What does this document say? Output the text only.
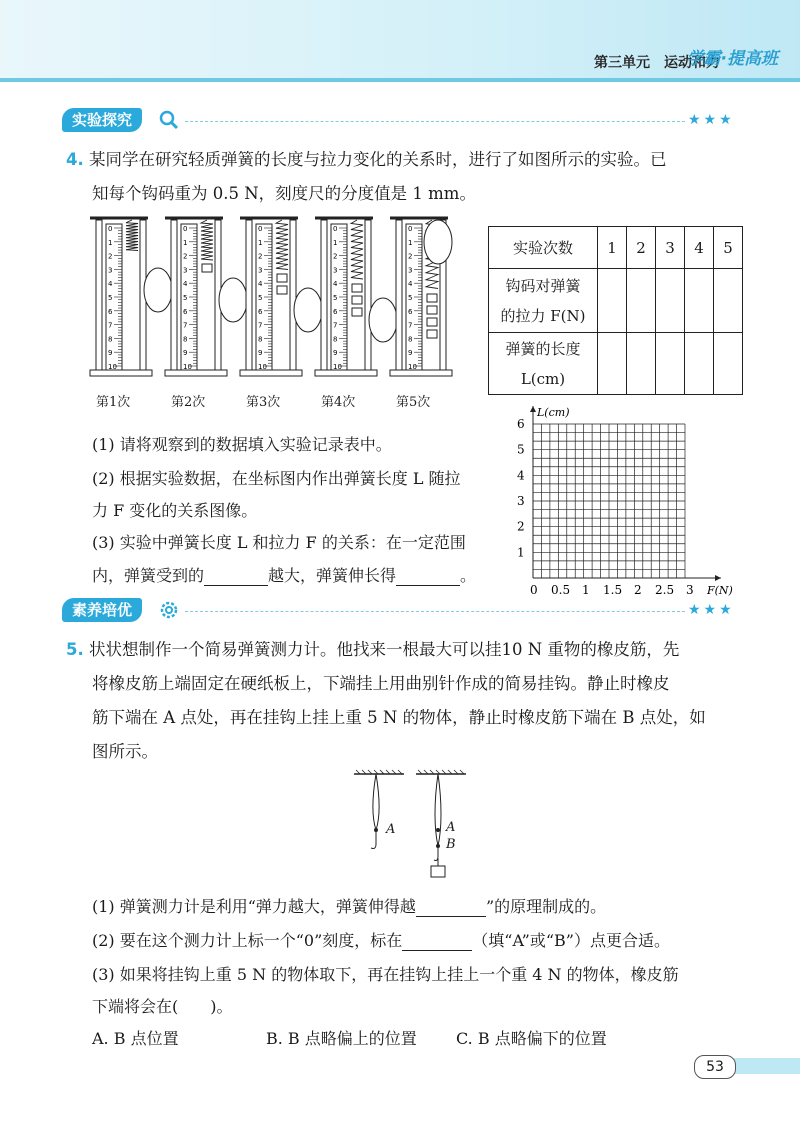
第三单元　运动和力
学霸·提高班
实验探究	★★★
4. 某同学在研究轻质弹簧的长度与拉力变化的关系时，进行了如图所示的实验。已
知每个钩码重为 0.5 N，刻度尺的分度值是 1 mm。
0
1
2
3
4
5
6
7
8
9
10
0
1
2
3
4
5
6
7
8
9
10
0
1
2
3
4
5
6
7
8
9
10
0
1
2
3
4
5
6
7
8
9
10
0
1
2
3
4
5
6
7
8
9
10
第1次	第2次	第3次	第4次	第5次
实验次数	1	2	3	4	5

钩码对弹簧
的拉力 F(N)					

弹簧的长度
L(cm)					

(1) 请将观察到的数据填入实验记录表中。
(2) 根据实验数据，在坐标图内作出弹簧长度 L 随拉
力 F 变化的关系图像。
(3) 实验中弹簧长度 L 和拉力 F 的关系：在一定范围
内，弹簧受到的	越大，弹簧伸长得	。
1
2
3
4
5
6
0 0.5 1 1.5 2 2.5 3
L(cm)
F(N)
素养培优	★★★
5. 状状想制作一个简易弹簧测力计。他找来一根最大可以挂10 N 重物的橡皮筋，先
将橡皮筋上端固定在硬纸板上，下端挂上用曲别针作成的简易挂钩。静止时橡皮
筋下端在 A 点处，再在挂钩上挂上重 5 N 的物体，静止时橡皮筋下端在 B 点处，如
图所示。
A	A
B
(1) 弹簧测力计是利用“弹力越大，弹簧伸得越	”的原理制成的。
(2) 要在这个测力计上标一个“0”刻度，标在	（填“A”或“B”）点更合适。
(3) 如果将挂钩上重 5 N 的物体取下，再在挂钩上挂上一个重 4 N 的物体，橡皮筋
下端将会在(　　)。
A. B 点位置	B. B 点略偏上的位置 C. B 点略偏下的位置
53
